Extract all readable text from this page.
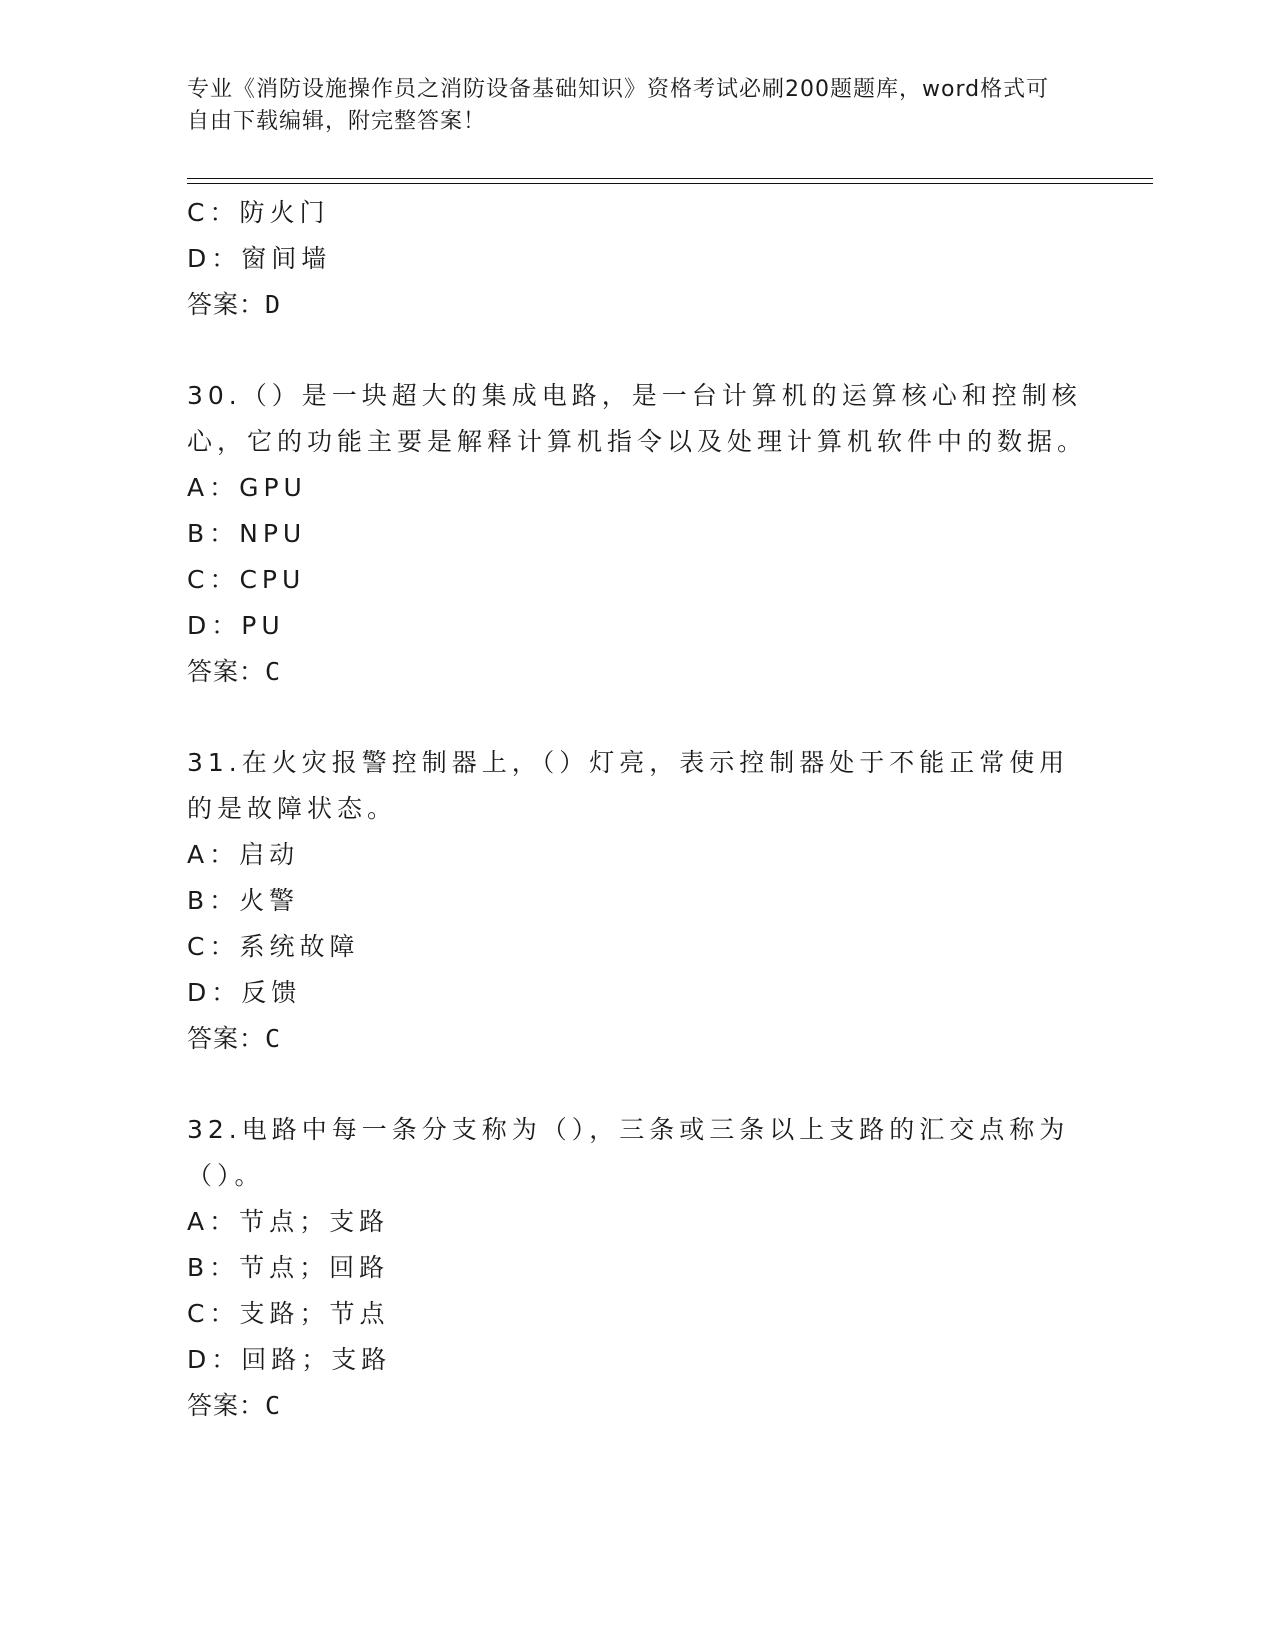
专业《消防设施操作员之消防设备基础知识》资格考试必刷200题题库，word格式可自由下载编辑，附完整答案！
C：防火门
D：窗间墙
答案：D
30.（）是一块超大的集成电路，是一台计算机的运算核心和控制核心，它的功能主要是解释计算机指令以及处理计算机软件中的数据。
A：GPU
B：NPU
C：CPU
D：PU
答案：C
31.在火灾报警控制器上，（）灯亮，表示控制器处于不能正常使用的是故障状态。
A：启动
B：火警
C：系统故障
D：反馈
答案：C
32.电路中每一条分支称为（），三条或三条以上支路的汇交点称为（）。
A：节点；支路
B：节点；回路
C：支路；节点
D：回路；支路
答案：C
